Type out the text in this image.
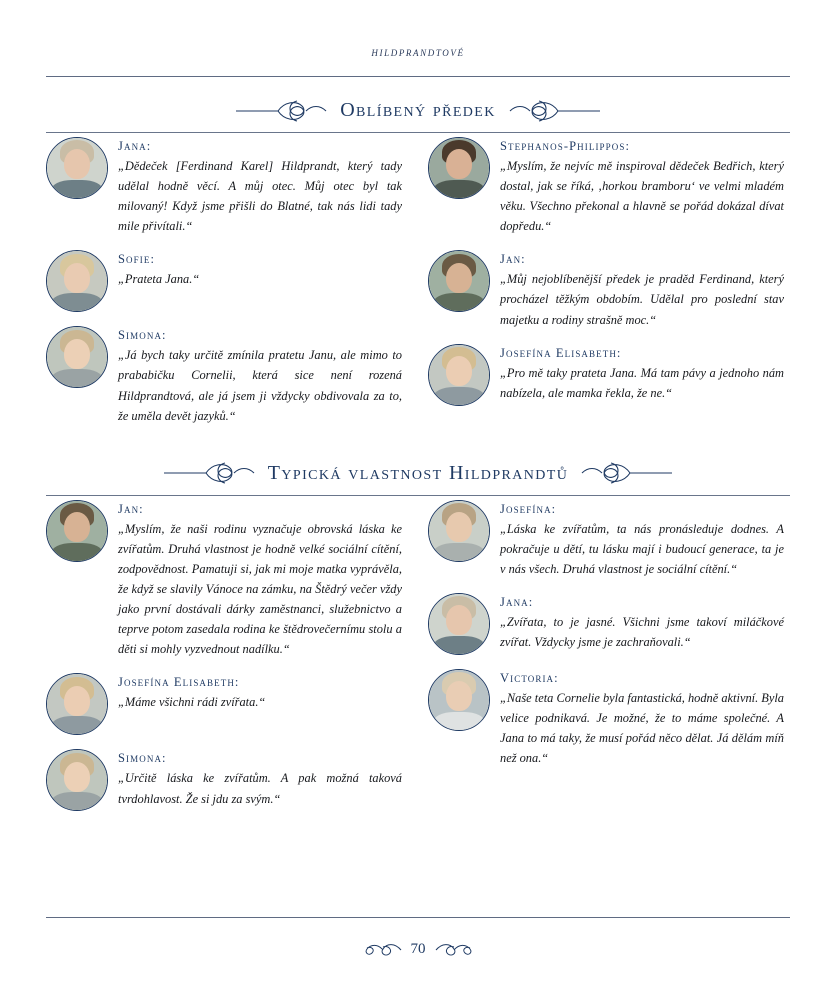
HILDPRANDTOVÉ
Oblíbený předek
Jana:
„Dědeček [Ferdinand Karel] Hildprandt, který tady udělal hodně věcí. A můj otec. Můj otec byl tak milovaný! Když jsme přišli do Blatné, tak nás lidi tady mile přivítali.“
Sofie:
„Prateta Jana.“
Simona:
„Já bych taky určitě zmínila pratetu Janu, ale mimo to prababičku Cornelii, která sice není rozená Hildprandtová, ale já jsem ji vždycky obdivovala za to, že uměla devět jazyků.“
Stephanos-Philippos:
„Myslím, že nejvíc mě inspiroval dědeček Bedřich, který dostal, jak se říká, ‚horkou bramboru‘ ve velmi mladém věku. Všechno překonal a hlavně se pořád dokázal dívat dopředu.“
Jan:
„Můj nejoblíbenější předek je praděd Ferdinand, který procházel těžkým obdobím. Udělal pro poslední stav majetku a rodiny strašně moc.“
Josefína Elisabeth:
„Pro mě taky prateta Jana. Má tam pávy a jednoho nám nabízela, ale mamka řekla, že ne.“
Typická vlastnost Hildprandtů
Jan:
„Myslím, že naši rodinu vyznačuje obrovská láska ke zvířatům. Druhá vlastnost je hodně velké sociální cítění, zodpovědnost. Pamatuji si, jak mi moje matka vyprávěla, že když se slavily Vánoce na zámku, na Štědrý večer vždy jako první dostávali dárky zaměstnanci, služebnictvo a teprve potom zasedala rodina ke štědrovečernímu stolu a děti si mohly vyzvednout nadílku.“
Josefína Elisabeth:
„Máme všichni rádi zvířata.“
Simona:
„Určitě láska ke zvířatům. A pak možná taková tvrdohlavost. Že si jdu za svým.“
Josefína:
„Láska ke zvířatům, ta nás pronásleduje dodnes. A pokračuje u dětí, tu lásku mají i budoucí generace, ta je v nás všech. Druhá vlastnost je sociální cítění.“
Jana:
„Zvířata, to je jasné. Všichni jsme takoví miláčkové zvířat. Vždycky jsme je zachraňovali.“
Victoria:
„Naše teta Cornelie byla fantastická, hodně aktivní. Byla velice podnikavá. Je možné, že to máme společné. A Jana to má taky, že musí pořád něco dělat. Já dělám míň než ona.“
70
